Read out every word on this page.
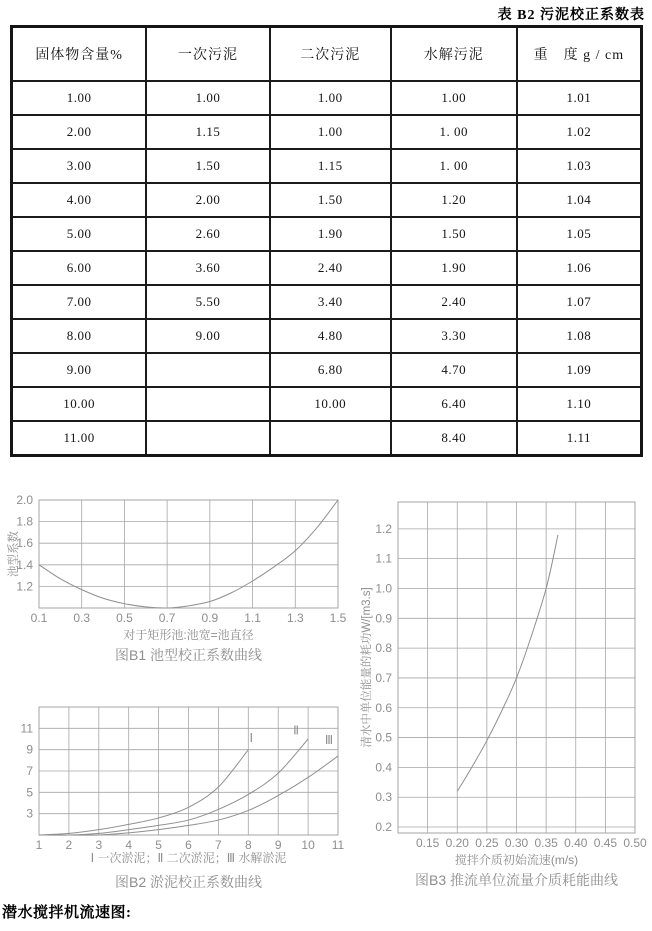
表 B2 污泥校正系数表
固体物含量%	一次污泥	二次污泥	水解污泥	重　度 g / cm
1.00	1.00	1.00	1.00	1.01
2.00	1.15	1.00	1. 00	1.02
3.00	1.50	1.15	1. 00	1.03
4.00	2.00	1.50	1.20	1.04
5.00	2.60	1.90	1.50	1.05
6.00	3.60	2.40	1.90	1.06
7.00	5.50	3.40	2.40	1.07
8.00	9.00	4.80	3.30	1.08
9.00		6.80	4.70	1.09
10.00		10.00	6.40	1.10
11.00			8.40	1.11
0.1 0.3 0.5 0.7 0.9 1.1 1.3 1.5
1.2
1.4
1.6
1.8
2.0
对于矩形池:池宽=池直径
池型系数
图B1 池型校正系数曲线
1 2 3 4 5 6 7 8 9 10 11
3
5
7
9
11
Ⅰ
Ⅱ
Ⅲ
Ⅰ 一次淤泥；Ⅱ 二次淤泥；Ⅲ 水解淤泥
图B2 淤泥校正系数曲线
0.15 0.20 0.25 0.30 0.35 0.40 0.45 0.50
0.2
0.3
0.4
0.5
0.6
0.7
0.8
0.9
1.0
1.1
1.2
搅拌介质初始流速(m/s)
清水中单位能量的耗功W/[m3.s]
图B3 推流单位流量介质耗能曲线
潜水搅拌机流速图:
